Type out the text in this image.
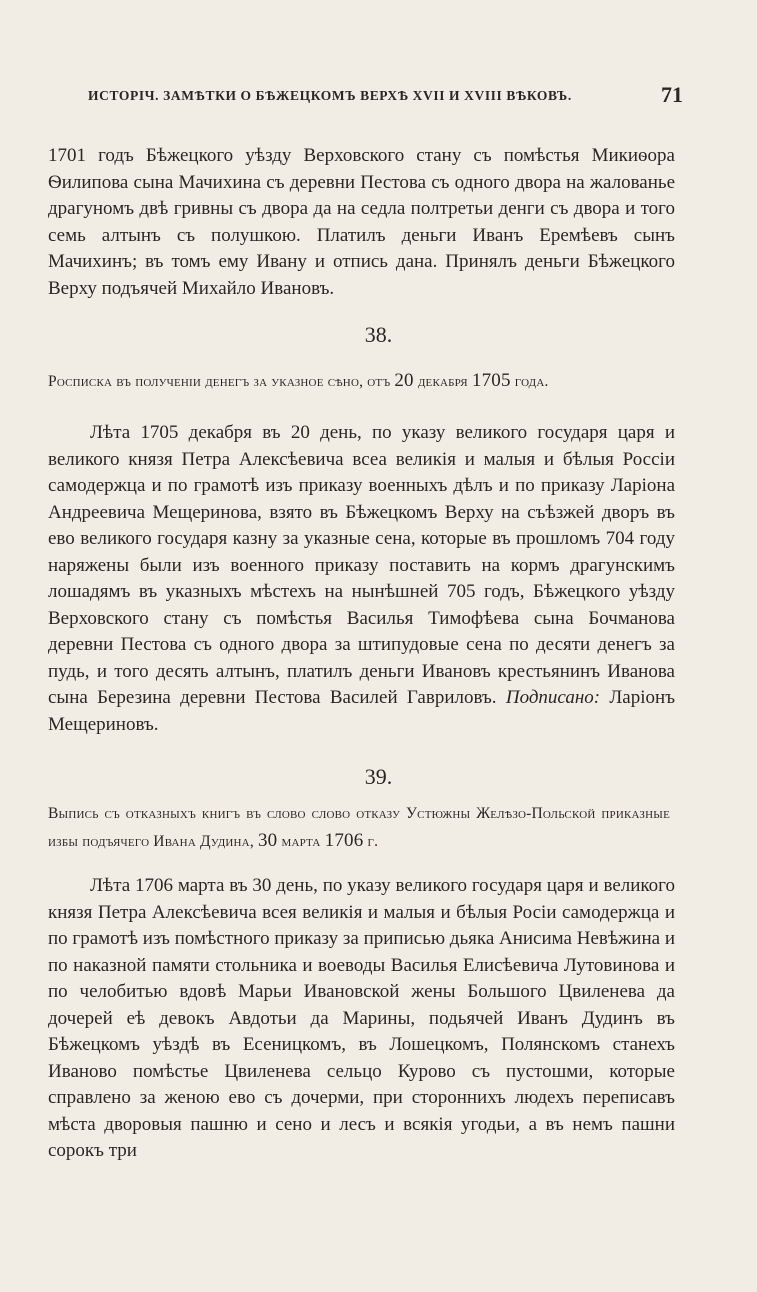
ИСТОРІЧ. ЗАМѢТКИ О БѢЖЕЦКОМЪ ВЕРХѢ XVII И XVIII ВѢКОВЪ.	71

1701 годъ Бѣжецкого уѣзду Верховского стану съ помѣстья Микиѳора Ѳилипова сына Мачихина съ деревни Пестова съ одного двора на жалованье драгуномъ двѣ гривны съ двора да на седла полтретьи денги съ двора и того семь алтынъ съ полушкою. Платилъ деньги Иванъ Еремѣевъ сынъ Мачихинъ; въ томъ ему Ивану и отпись дана. Принялъ деньги Бѣжецкого Верху подъячей Михайло Ивановъ.

38.
Росписка въ полученіи денегъ за указное сѣно, отъ 20 декабря 1705 года.

Лѣта 1705 декабря въ 20 день, по указу великого государя царя и великого князя Петра Алексѣевича всеа великія и малыя и бѣлыя Россіи самодержца и по грамотѣ изъ приказу военныхъ дѣлъ и по приказу Ларіона Андреевича Мещеринова, взято въ Бѣжецкомъ Верху на съѣзжей дворъ въ ево великого государя казну за указные сена, которые въ прошломъ 704 году наряжены были изъ военного приказу поставить на кормъ драгунскимъ лошадямъ въ указныхъ мѣстехъ на нынѣшней 705 годъ, Бѣжецкого уѣзду Верховского стану съ помѣстья Василья Тимофѣева сына Бочманова деревни Пестова съ одного двора за штипудовые сена по десяти денегъ за пудь, и того десять алтынъ, платилъ деньги Ивановъ крестьянинъ Иванова сына Березина деревни Пестова Василей Гавриловъ. Подписано: Ларіонъ Мещериновъ.

39.
Выпись съ отказныхъ книгъ въ слово слово отказу Устюжны Желѣзо-Польской приказные избы подъячего Ивана Дудина, 30 марта 1706 г.

Лѣта 1706 марта въ 30 день, по указу великого государя царя и великого князя Петра Алексѣевича всея великія и малыя и бѣлыя Росіи самодержца и по грамотѣ изъ помѣстного приказу за приписью дьяка Анисима Невѣжина и по наказной памяти стольника и воеводы Василья Елисѣевича Лутовинова и по челобитью вдовѣ Марьи Ивановской жены Большого Цвиленева да дочерей еѣ девокъ Авдотьи да Марины, подьячей Иванъ Дудинъ въ Бѣжецкомъ уѣздѣ въ Есеницкомъ, въ Лошецкомъ, Полянскомъ станехъ Иваново помѣстье Цвиленева сельцо Курово съ пустошми, которые справлено за женою ево съ дочерми, при стороннихъ людехъ переписавъ мѣста дворовыя пашню и сено и лесъ и всякія угодьи, а въ немъ пашни сорокъ три
